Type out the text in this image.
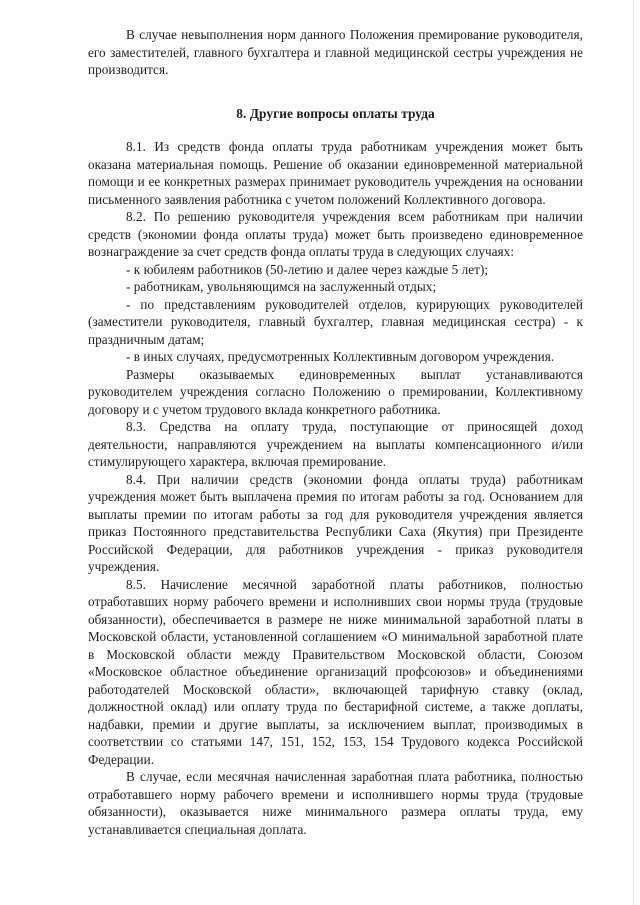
В случае невыполнения норм данного Положения премирование руководителя, его заместителей, главного бухгалтера и главной медицинской сестры учреждения не производится.

8. Другие вопросы оплаты труда

8.1. Из средств фонда оплаты труда работникам учреждения может быть оказана материальная помощь. Решение об оказании единовременной материальной помощи и ее конкретных размерах принимает руководитель учреждения на основании письменного заявления работника с учетом положений Коллективного договора.

8.2. По решению руководителя учреждения всем работникам при наличии средств (экономии фонда оплаты труда) может быть произведено единовременное вознаграждение за счет средств фонда оплаты труда в следующих случаях:

- к юбилеям работников (50-летию и далее через каждые 5 лет);

- работникам, увольняющимся на заслуженный отдых;

- по представлениям руководителей отделов, курирующих руководителей (заместители руководителя, главный бухгалтер, главная медицинская сестра) - к праздничным датам;

- в иных случаях, предусмотренных Коллективным договором учреждения.

Размеры оказываемых единовременных выплат устанавливаются руководителем учреждения согласно Положению о премировании, Коллективному договору и с учетом трудового вклада конкретного работника.

8.3. Средства на оплату труда, поступающие от приносящей доход деятельности, направляются учреждением на выплаты компенсационного и/или стимулирующего характера, включая премирование.

8.4. При наличии средств (экономии фонда оплаты труда) работникам учреждения может быть выплачена премия по итогам работы за год. Основанием для выплаты премии по итогам работы за год для руководителя учреждения является приказ Постоянного представительства Республики Саха (Якутия) при Президенте Российской Федерации, для работников учреждения - приказ руководителя учреждения.

8.5. Начисление месячной заработной платы работников, полностью отработавших норму рабочего времени и исполнивших свои нормы труда (трудовые обязанности), обеспечивается в размере не ниже минимальной заработной платы в Московской области, установленной соглашением «О минимальной заработной плате в Московской области между Правительством Московской области, Союзом «Московское областное объединение организаций профсоюзов» и объединениями работодателей Московской области», включающей тарифную ставку (оклад, должностной оклад) или оплату труда по бестарифной системе, а также доплаты, надбавки, премии и другие выплаты, за исключением выплат, производимых в соответствии со статьями 147, 151, 152, 153, 154 Трудового кодекса Российской Федерации.

В случае, если месячная начисленная заработная плата работника, полностью отработавшего норму рабочего времени и исполнившего нормы труда (трудовые обязанности), оказывается ниже минимального размера оплаты труда, ему устанавливается специальная доплата.
